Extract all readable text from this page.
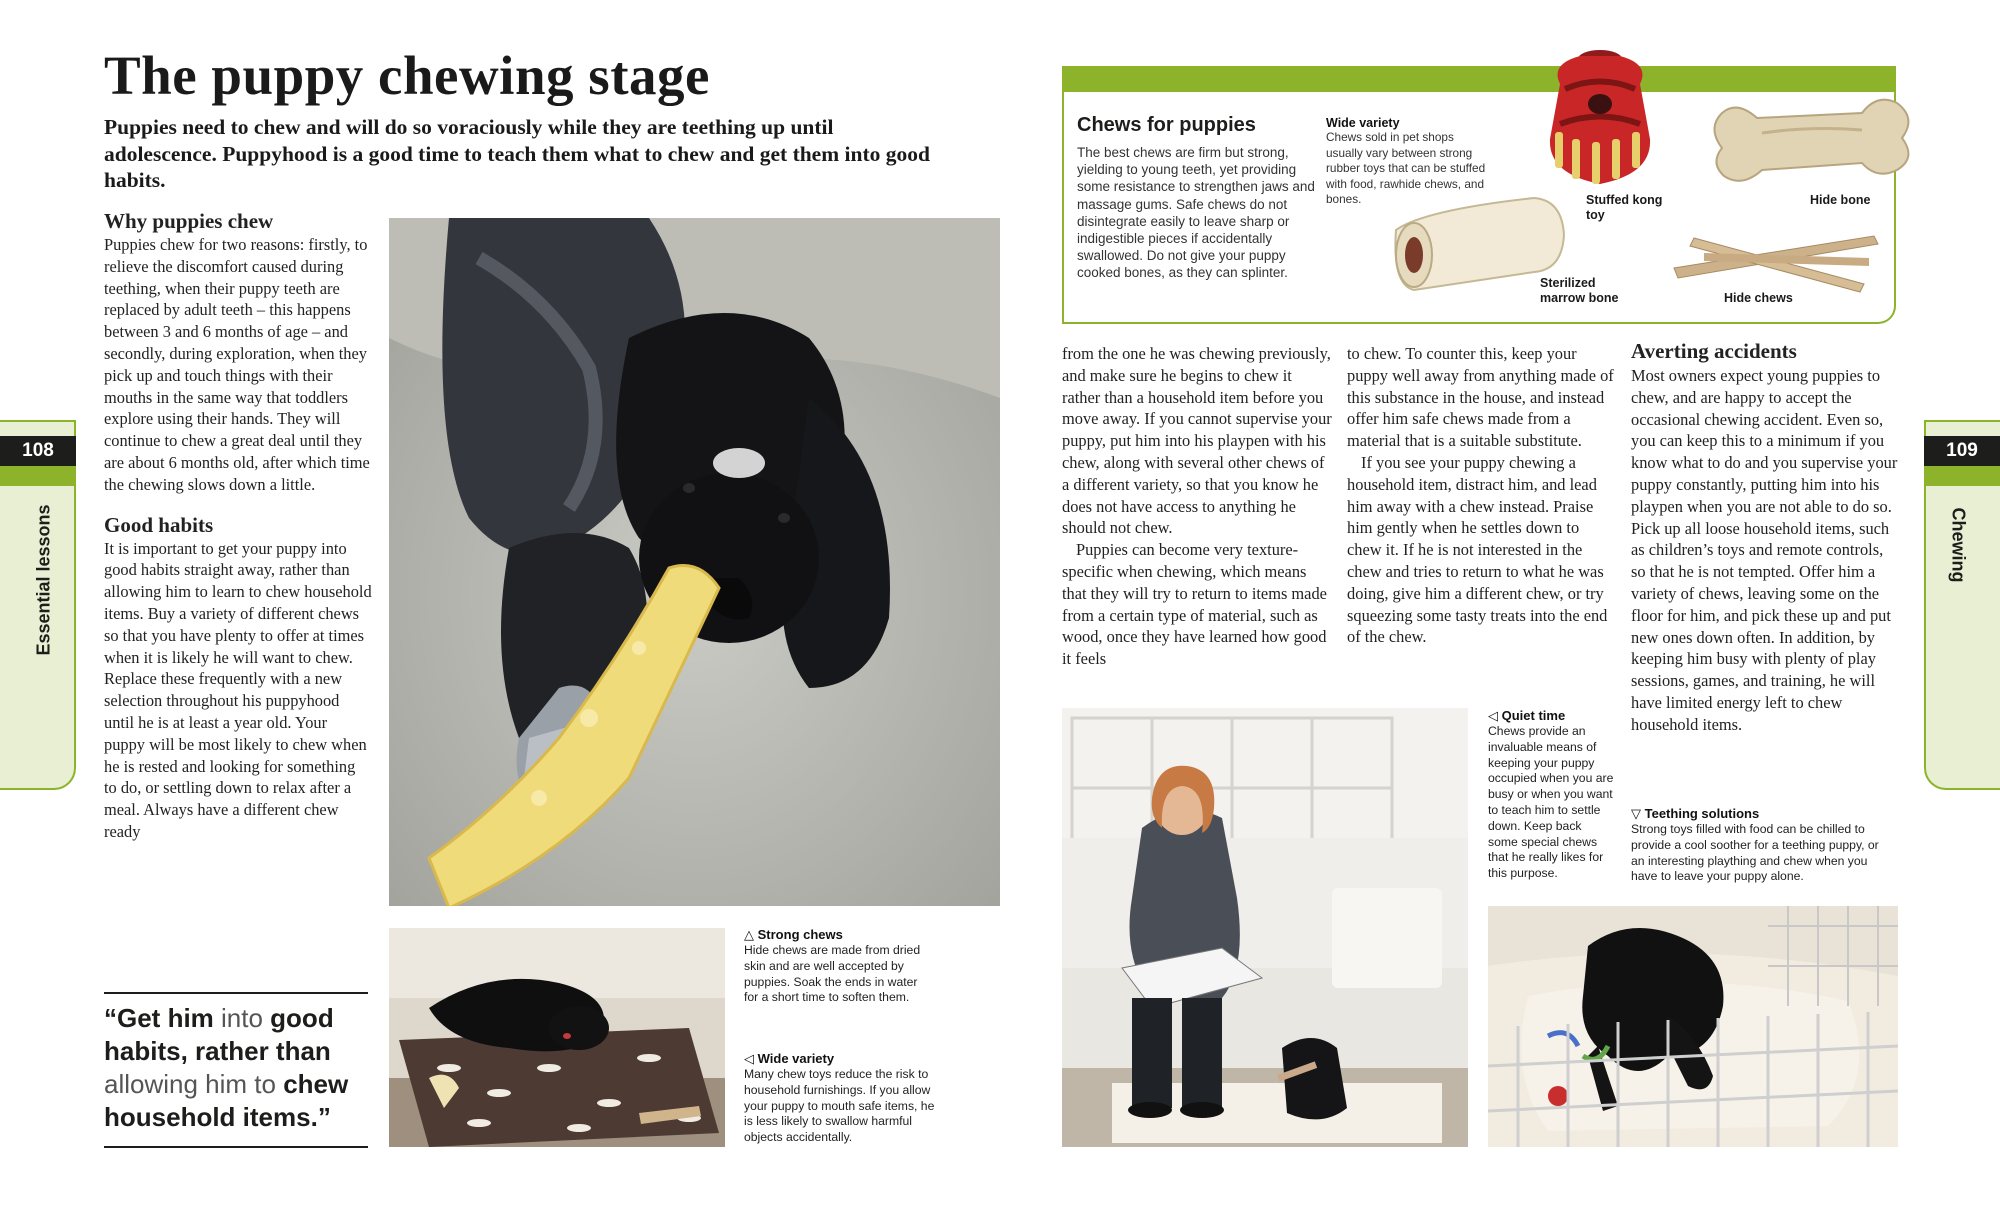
108
Essential lessons
The puppy chewing stage
Puppies need to chew and will do so voraciously while they are teething up until adolescence. Puppyhood is a good time to teach them what to chew and get them into good habits.
Why puppies chew

Puppies chew for two reasons: firstly, to relieve the discomfort caused during teething, when their puppy teeth are replaced by adult teeth – this happens between 3 and 6 months of age – and secondly, during exploration, when they pick up and touch things with their mouths in the same way that toddlers explore using their hands. They will continue to chew a great deal until they are about 6 months old, after which time the chewing slows down a little.

Good habits

It is important to get your puppy into good habits straight away, rather than allowing him to learn to chew household items. Buy a variety of different chews so that you have plenty to offer at times when it is likely he will want to chew. Replace these frequently with a new selection throughout his puppyhood until he is at least a year old. Your puppy will be most likely to chew when he is rested and looking for something to do, or settling down to relax after a meal. Always have a different chew ready

“Get him into good habits, rather than allowing him to chew household items.”
△ Strong chews
Hide chews are made from dried skin and are well accepted by puppies. Soak the ends in water for a short time to soften them.
◁ Wide variety
Many chew toys reduce the risk to household furnishings. If you allow your puppy to mouth safe items, he is less likely to swallow harmful objects accidentally.
Chews for puppies
The best chews are firm but strong, yielding to young teeth, yet providing some resistance to strengthen jaws and massage gums. Safe chews do not disintegrate easily to leave sharp or indigestible pieces if accidentally swallowed. Do not give your puppy cooked bones, as they can splinter.
Wide variety
Chews sold in pet shops usually vary between strong rubber toys that can be stuffed with food, rawhide chews, and bones.	Stuffed kong toy
Hide bone
Sterilized marrow bone	Hide chews

from the one he was chewing previously, and make sure he begins to chew it rather than a household item before you move away. If you cannot supervise your puppy, put him into his playpen with his chew, along with several other chews of a different variety, so that you know he does not have access to anything he should not chew.

Puppies can become very texture-specific when chewing, which means that they will try to return to items made from a certain type of material, such as wood, once they have learned how good it feels

to chew. To counter this, keep your puppy well away from anything made of this substance in the house, and instead offer him safe chews made from a material that is a suitable substitute.

If you see your puppy chewing a household item, distract him, and lead him away with a chew instead. Praise him gently when he settles down to chew it. If he is not interested in the chew and tries to return to what he was doing, give him a different chew, or try squeezing some tasty treats into the end of the chew.

Averting accidents

Most owners expect young puppies to chew, and are happy to accept the occasional chewing accident. Even so, you can keep this to a minimum if you know what to do and you supervise your puppy constantly, putting him into his playpen when you are not able to do so. Pick up all loose household items, such as children’s toys and remote controls, so that he is not tempted. Offer him a variety of chews, leaving some on the floor for him, and pick these up and put new ones down often. In addition, by keeping him busy with plenty of play sessions, games, and training, he will have limited energy left to chew household items.

◁ Quiet time
Chews provide an invaluable means of keeping your puppy occupied when you are busy or when you want to teach him to settle down. Keep back some special chews that he really likes for this purpose.
▽ Teething solutions
Strong toys filled with food can be chilled to provide a cool soother for a teething puppy, or an interesting plaything and chew when you have to leave your puppy alone.
109
Chewing
